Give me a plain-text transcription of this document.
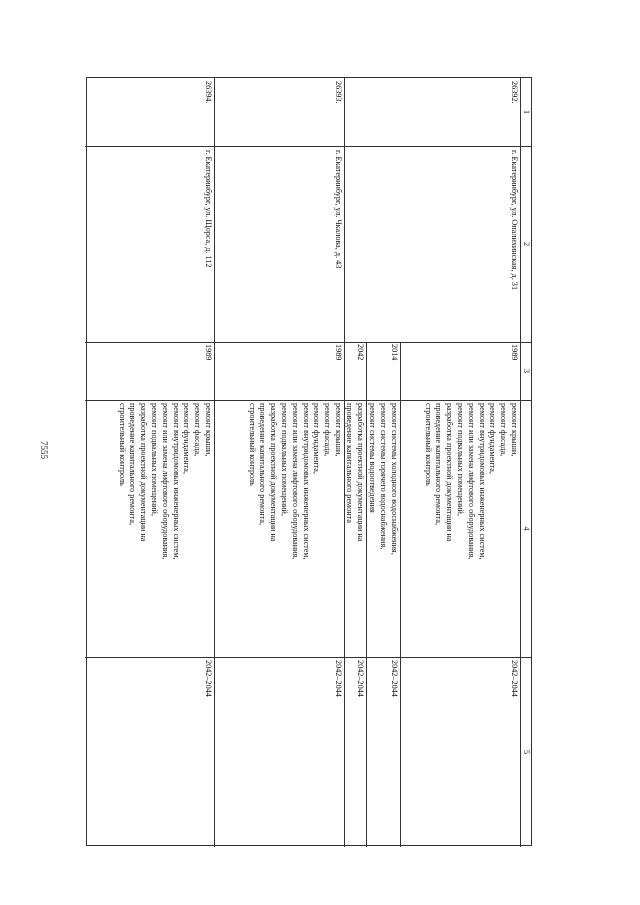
7555
1
2
3
4
5
26392.
г. Екатеринбург, ул. Опалихинская, д. 31
1989
ремонт крыши,
ремонт фасада,
ремонт фундамента,
ремонт внутридомовых инженерных систем,
ремонт или замена лифтового оборудования,
ремонт подвальных помещений,
разработка проектной документации на
проведение капитального ремонта,
строительный контроль
2042–2044
2014
ремонт системы холодного водоснабжения,
ремонт системы горячего водоснабжения,
ремонт системы водоотведения
2042–2044
2042
разработка проектной документации на
проведение капитального ремонта
2042–2044
26393.
г. Екатеринбург, ул. Чкалова, д. 43
1989
ремонт крыши,
ремонт фасада,
ремонт фундамента,
ремонт внутридомовых инженерных систем,
ремонт или замена лифтового оборудования,
ремонт подвальных помещений,
разработка проектной документации на
проведение капитального ремонта,
строительный контроль
2042–2044
26394.
г. Екатеринбург, ул. Щорса, д. 112
1989
ремонт крыши,
ремонт фасада,
ремонт фундамента,
ремонт внутридомовых инженерных систем,
ремонт или замена лифтового оборудования,
ремонт подвальных помещений,
разработка проектной документации на
проведение капитального ремонта,
строительный контроль
2042–2044
